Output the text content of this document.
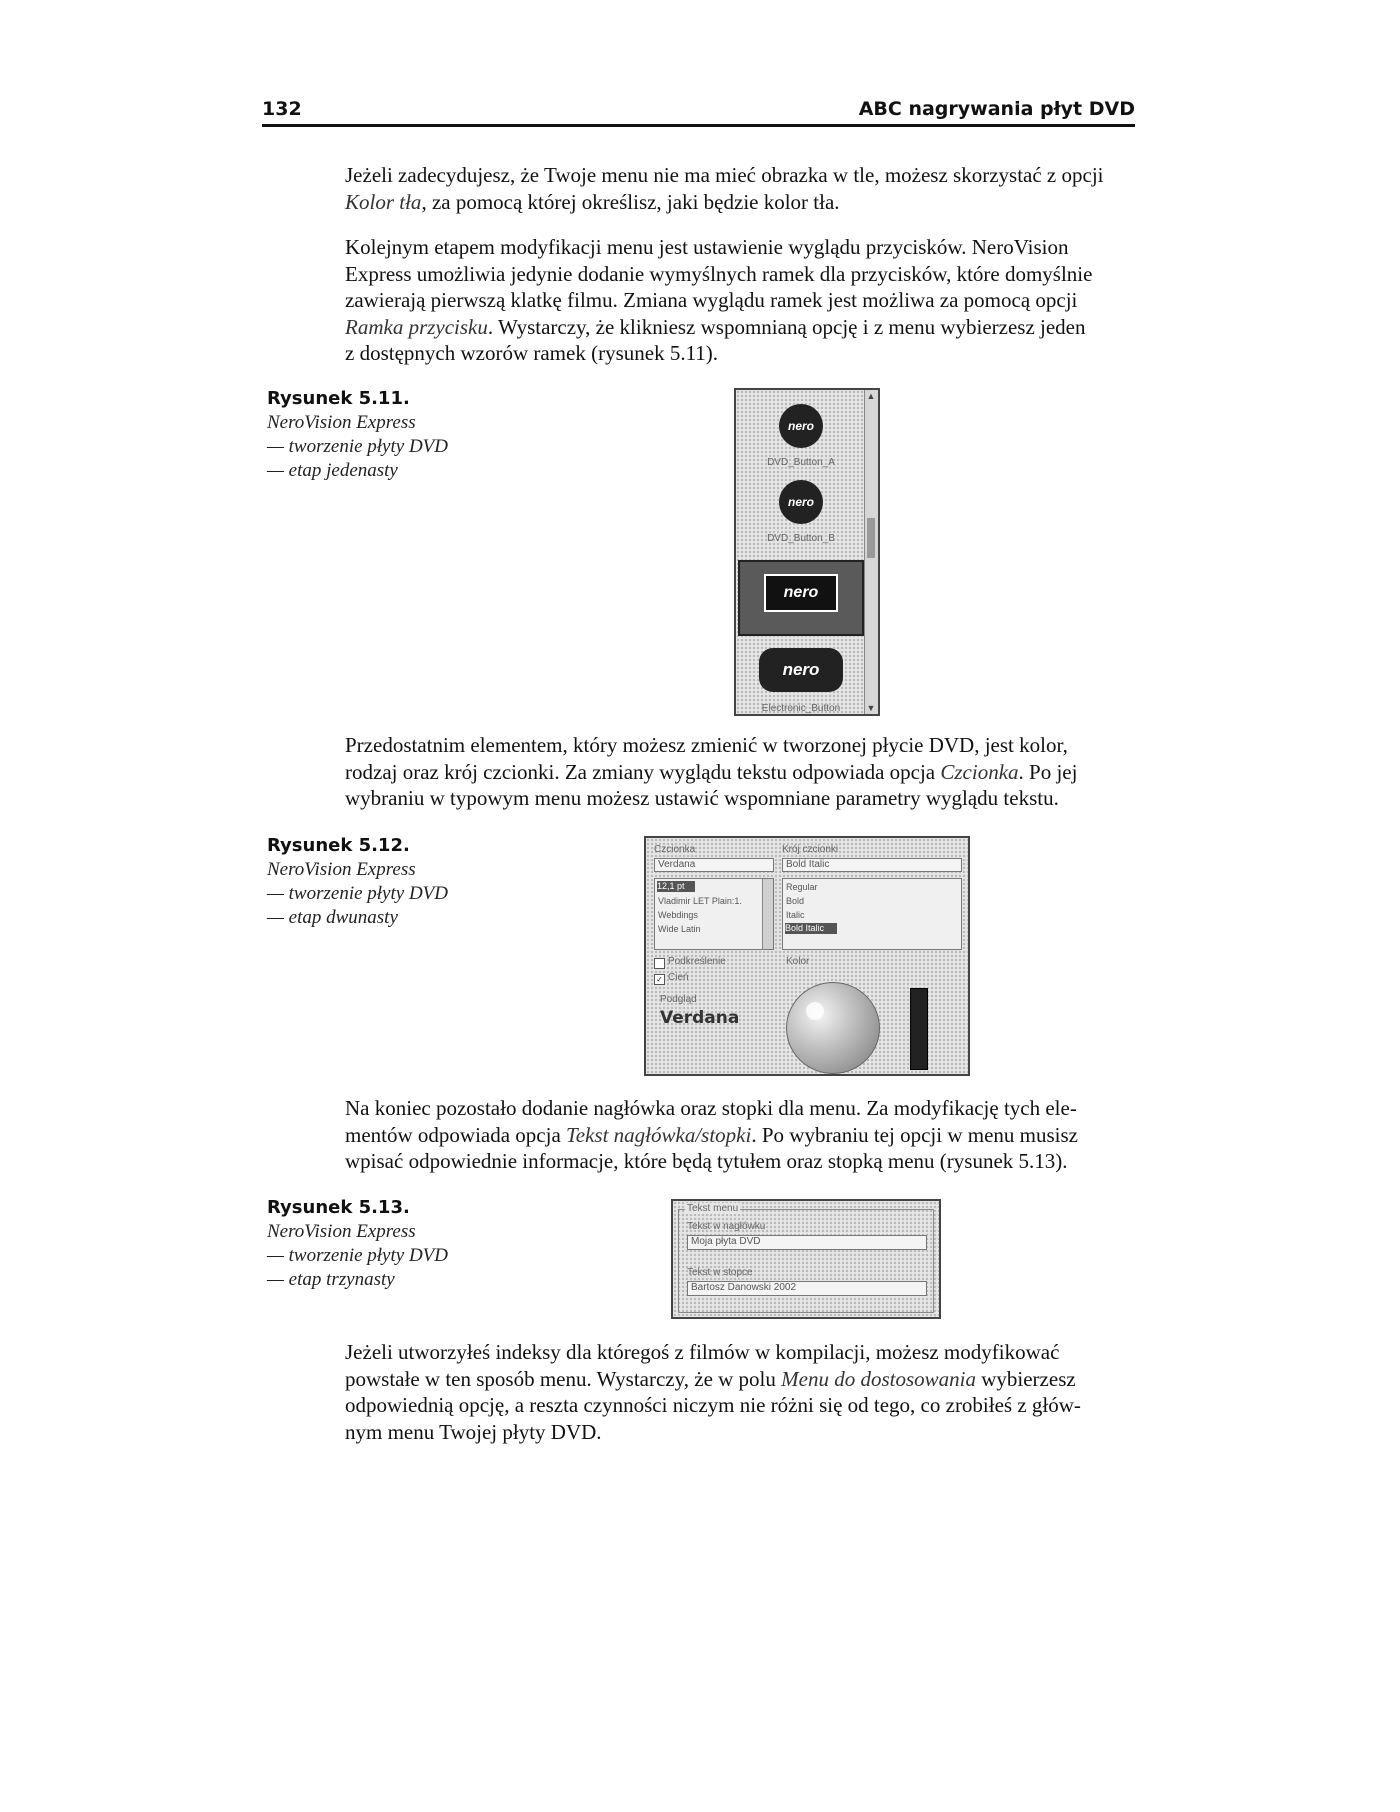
132	ABC nagrywania płyt DVD
Jeżeli zadecydujesz, że Twoje menu nie ma mieć obrazka w tle, możesz skorzystać z opcji
Kolor tła, za pomocą której określisz, jaki będzie kolor tła.
Kolejnym etapem modyfikacji menu jest ustawienie wyglądu przycisków. NeroVision
Express umożliwia jedynie dodanie wymyślnych ramek dla przycisków, które domyślnie
zawierają pierwszą klatkę filmu. Zmiana wyglądu ramek jest możliwa za pomocą opcji
Ramka przycisku. Wystarczy, że klikniesz wspomnianą opcję i z menu wybierzesz jeden
z dostępnych wzorów ramek (rysunek 5.11).
Rysunek 5.11.
NeroVision Express
— tworzenie płyty DVD
— etap jedenasty
▲
▼
nero
DVD_Button_A
nero
DVD_Button_B
nero
nero
Electronic_Button
Przedostatnim elementem, który możesz zmienić w tworzonej płycie DVD, jest kolor,
rodzaj oraz krój czcionki. Za zmiany wyglądu tekstu odpowiada opcja Czcionka. Po jej
wybraniu w typowym menu możesz ustawić wspomniane parametry wyglądu tekstu.
Rysunek 5.12.
NeroVision Express
— tworzenie płyty DVD
— etap dwunasty
Czcionka
Verdana
Krój czcionki
Bold Italic
12,1 pt
Vladimir LET Plain:1.
Webdings
Wide Latin
Regular
Bold
Italic
Bold Italic
Podkreślenie
✓ Cień
Podgląd
Verdana
Kolor
Na koniec pozostało dodanie nagłówka oraz stopki dla menu. Za modyfikację tych ele-
mentów odpowiada opcja Tekst nagłówka/stopki. Po wybraniu tej opcji w menu musisz
wpisać odpowiednie informacje, które będą tytułem oraz stopką menu (rysunek 5.13).
Rysunek 5.13.
NeroVision Express
— tworzenie płyty DVD
— etap trzynasty
Tekst menu
Tekst w nagłówku
Moja płyta DVD
Tekst w stopce
Bartosz Danowski 2002
Jeżeli utworzyłeś indeksy dla któregoś z filmów w kompilacji, możesz modyfikować
powstałe w ten sposób menu. Wystarczy, że w polu Menu do dostosowania wybierzesz
odpowiednią opcję, a reszta czynności niczym nie różni się od tego, co zrobiłeś z głów-
nym menu Twojej płyty DVD.
